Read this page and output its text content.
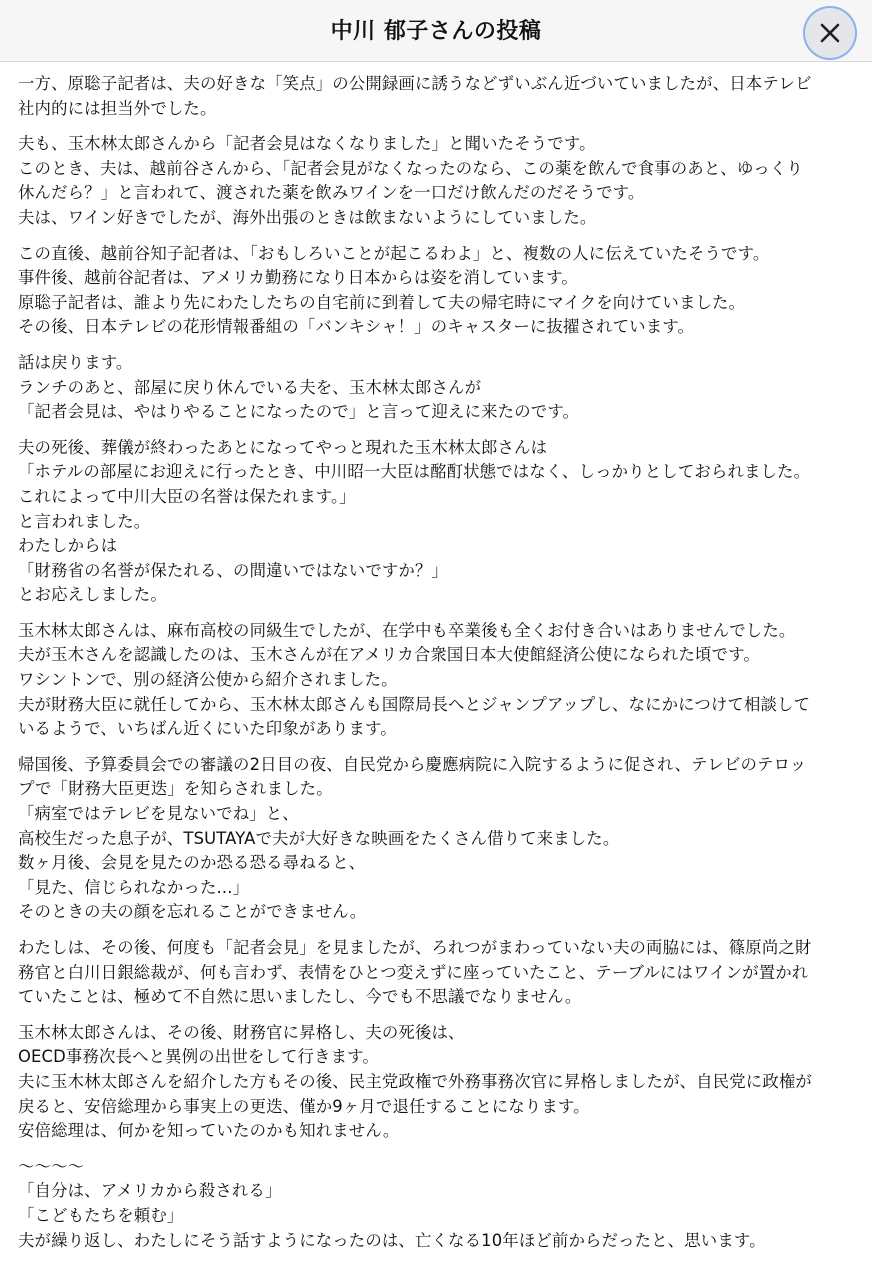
中川 郁子さんの投稿
一方、原聡子記者は、夫の好きな「笑点」の公開録画に誘うなどずいぶん近づいていましたが、日本テレビ
社内的には担当外でした。
夫も、玉木林太郎さんから「記者会見はなくなりました」と聞いたそうです。
このとき、夫は、越前谷さんから、「記者会見がなくなったのなら、この薬を飲んで食事のあと、ゆっくり
休んだら？」と言われて、渡された薬を飲みワインを一口だけ飲んだのだそうです。
夫は、ワイン好きでしたが、海外出張のときは飲まないようにしていました。
この直後、越前谷知子記者は、「おもしろいことが起こるわよ」と、複数の人に伝えていたそうです。
事件後、越前谷記者は、アメリカ勤務になり日本からは姿を消しています。
原聡子記者は、誰より先にわたしたちの自宅前に到着して夫の帰宅時にマイクを向けていました。
その後、日本テレビの花形情報番組の「バンキシャ！」のキャスターに抜擢されています。
話は戻ります。
ランチのあと、部屋に戻り休んでいる夫を、玉木林太郎さんが
「記者会見は、やはりやることになったので」と言って迎えに来たのです。
夫の死後、葬儀が終わったあとになってやっと現れた玉木林太郎さんは
「ホテルの部屋にお迎えに行ったとき、中川昭一大臣は酩酊状態ではなく、しっかりとしておられました。
これによって中川大臣の名誉は保たれます。」
と言われました。
わたしからは
「財務省の名誉が保たれる、の間違いではないですか？」
とお応えしました。
玉木林太郎さんは、麻布高校の同級生でしたが、在学中も卒業後も全くお付き合いはありませんでした。
夫が玉木さんを認識したのは、玉木さんが在アメリカ合衆国日本大使館経済公使になられた頃です。
ワシントンで、別の経済公使から紹介されました。
夫が財務大臣に就任してから、玉木林太郎さんも国際局長へとジャンプアップし、なにかにつけて相談して
いるようで、いちばん近くにいた印象があります。
帰国後、予算委員会での審議の2日目の夜、自民党から慶應病院に入院するように促され、テレビのテロッ
プで「財務大臣更迭」を知らされました。
「病室ではテレビを見ないでね」と、
高校生だった息子が、TSUTAYAで夫が大好きな映画をたくさん借りて来ました。
数ヶ月後、会見を見たのか恐る恐る尋ねると、
「見た、信じられなかった...」
そのときの夫の顔を忘れることができません。
わたしは、その後、何度も「記者会見」を見ましたが、ろれつがまわっていない夫の両脇には、篠原尚之財
務官と白川日銀総裁が、何も言わず、表情をひとつ変えずに座っていたこと、テーブルにはワインが置かれ
ていたことは、極めて不自然に思いましたし、今でも不思議でなりません。
玉木林太郎さんは、その後、財務官に昇格し、夫の死後は、
OECD事務次長へと異例の出世をして行きます。
夫に玉木林太郎さんを紹介した方もその後、民主党政権で外務事務次官に昇格しましたが、自民党に政権が
戻ると、安倍総理から事実上の更迭、僅か9ヶ月で退任することになります。
安倍総理は、何かを知っていたのかも知れません。
〜〜〜〜
「自分は、アメリカから殺される」
「こどもたちを頼む」
夫が繰り返し、わたしにそう話すようになったのは、亡くなる10年ほど前からだったと、思います。
